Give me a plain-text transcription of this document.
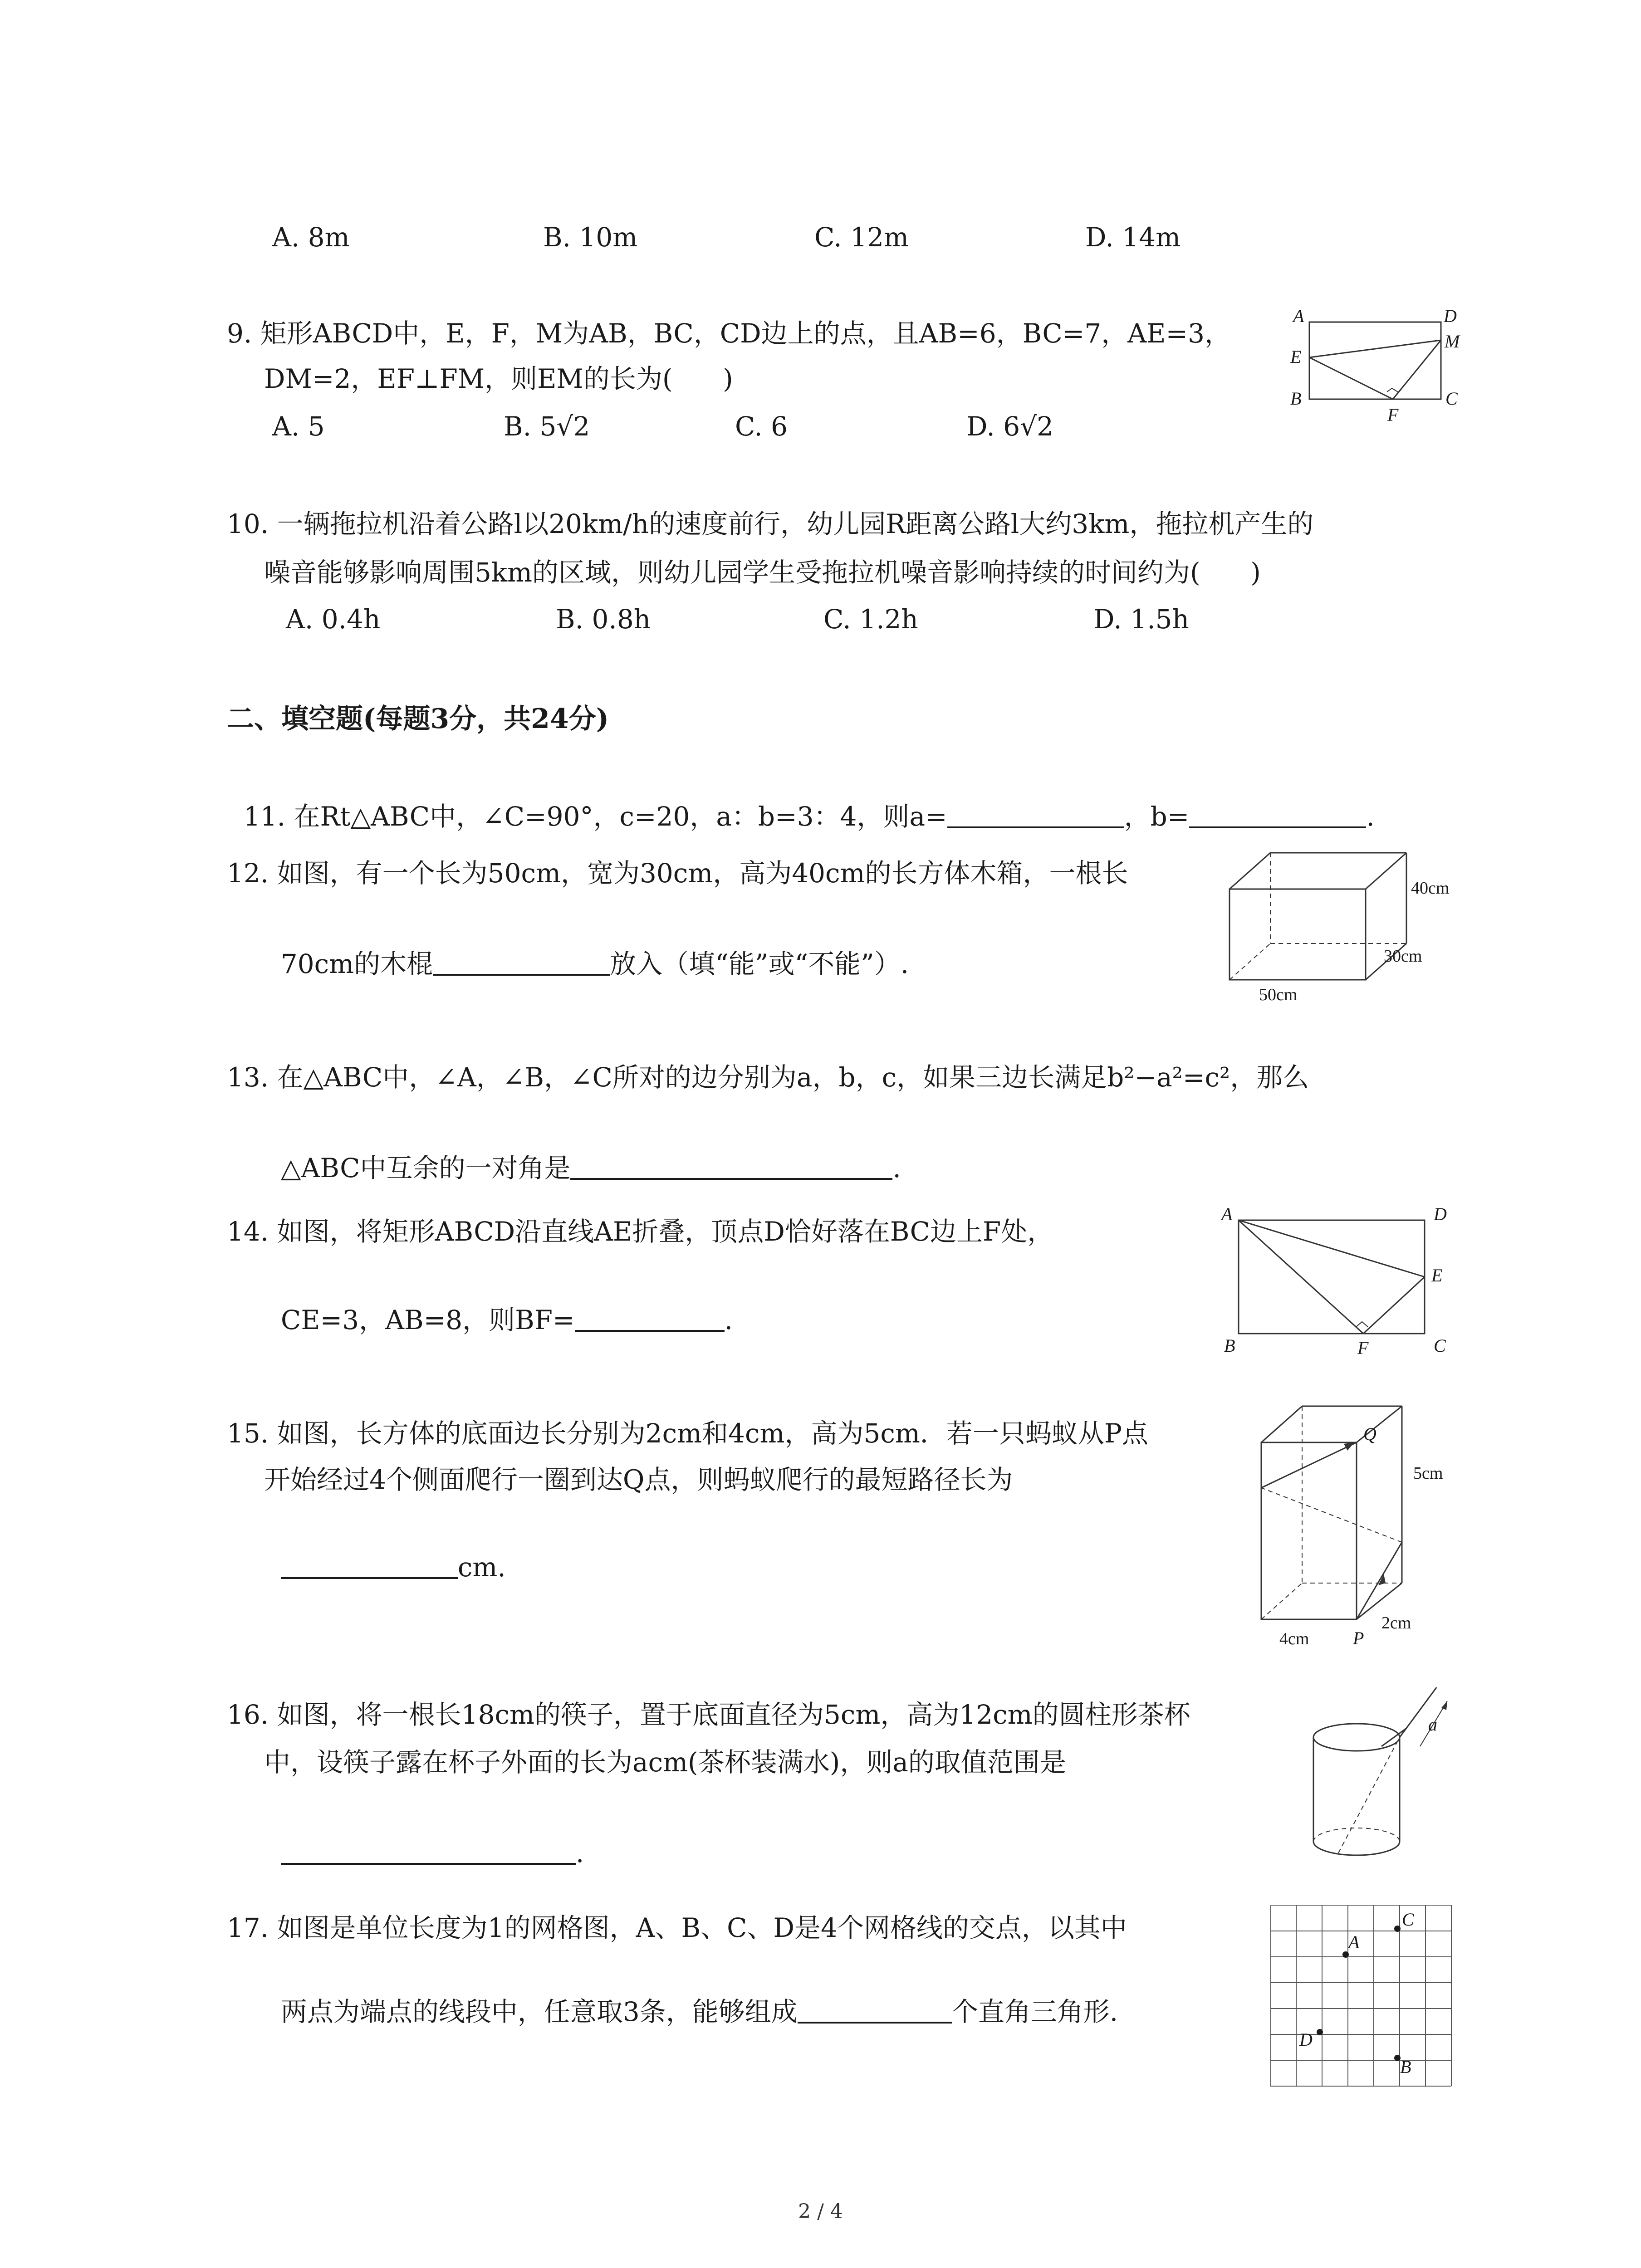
A. 8m	B. 10m	C. 12m	D. 14m
9. 矩形ABCD中，E，F，M为AB，BC，CD边上的点，且AB=6，BC=7，AE=3，
DM=2，EF⊥FM，则EM的长为(      )
A. 5	B. 5√2	C. 6	D. 6√2
A	D
E
M
B
F
C
10. 一辆拖拉机沿着公路l以20km/h的速度前行，幼儿园R距离公路l大约3km，拖拉机产生的
噪音能够影响周围5km的区域，则幼儿园学生受拖拉机噪音影响持续的时间约为(      )
A. 0.4h	B. 0.8h	C. 1.2h	D. 1.5h
二、填空题(每题3分，共24分)

11. 在Rt△ABC中，∠C=90°，c=20，a：b=3：4，则a=	，b=	.

12. 如图，有一个长为50cm，宽为30cm，高为40cm的长方体木箱，一根长

70cm的木棍	放入（填“能”或“不能”）.

40cm
30cm
50cm
13. 在△ABC中，∠A，∠B，∠C所对的边分别为a，b，c，如果三边长满足b²−a²=c²，那么

△ABC中互余的一对角是	.

14. 如图，将矩形ABCD沿直线AE折叠，顶点D恰好落在BC边上F处，

CE=3，AB=8，则BF=	.

A	D
E
B	F	C
15. 如图，长方体的底面边长分别为2cm和4cm，高为5cm．若一只蚂蚁从P点
开始经过4个侧面爬行一圈到达Q点，则蚂蚁爬行的最短路径长为

cm.

Q
5cm
4cm P
2cm
16. 如图，将一根长18cm的筷子，置于底面直径为5cm，高为12cm的圆柱形茶杯
中，设筷子露在杯子外面的长为acm(茶杯装满水)，则a的取值范围是

.

a
17. 如图是单位长度为1的网格图，A、B、C、D是4个网格线的交点，以其中

两点为端点的线段中，任意取3条，能够组成	个直角三角形.

A
C
D
B
2 / 4
